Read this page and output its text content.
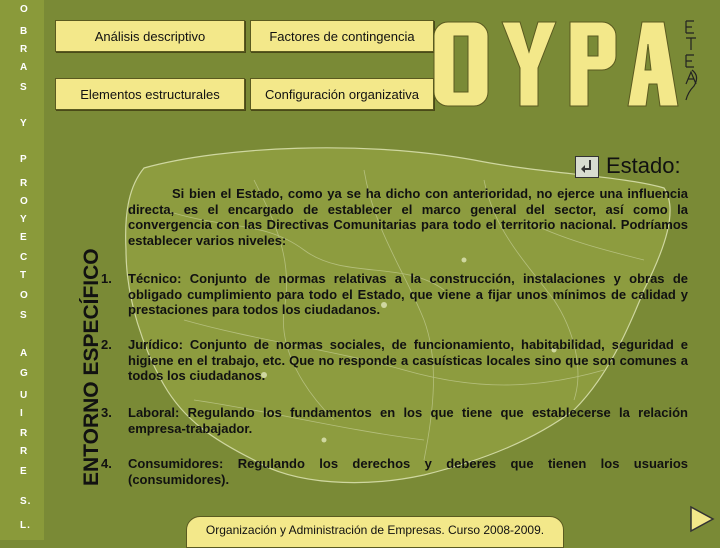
O
B
R
A
S
Y
P
R
O
Y
E
C
T
O
S
A
G
U
I
R
R
E
S.
L.
Análisis descriptivo	Factores de contingencia
Elementos estructurales	Configuración organizativa
ENTORNO ESPECÍFICO
Estado:
Si bien el Estado, como ya se ha dicho con anterioridad, no ejerce una influencia directa, es el encargado de establecer el marco general del sector, así como la convergencia con las Directivas Comunitarias para todo el territorio nacional. Podríamos establecer varios niveles:
1. Técnico: Conjunto de normas relativas a la construcción, instalaciones y obras de obligado cumplimiento para todo el Estado, que viene a fijar unos mínimos de calidad y prestaciones para todos los ciudadanos.
2. Jurídico: Conjunto de normas sociales, de funcionamiento, habitabilidad, seguridad e higiene en el trabajo, etc. Que no responde a casuísticas locales sino que son comunes a todos los ciudadanos.
3. Laboral: Regulando los fundamentos en los que tiene que establecerse la relación empresa-trabajador.
4. Consumidores: Regulando los derechos y deberes que tienen los usuarios (consumidores).
Organización y Administración de Empresas. Curso 2008-2009.
